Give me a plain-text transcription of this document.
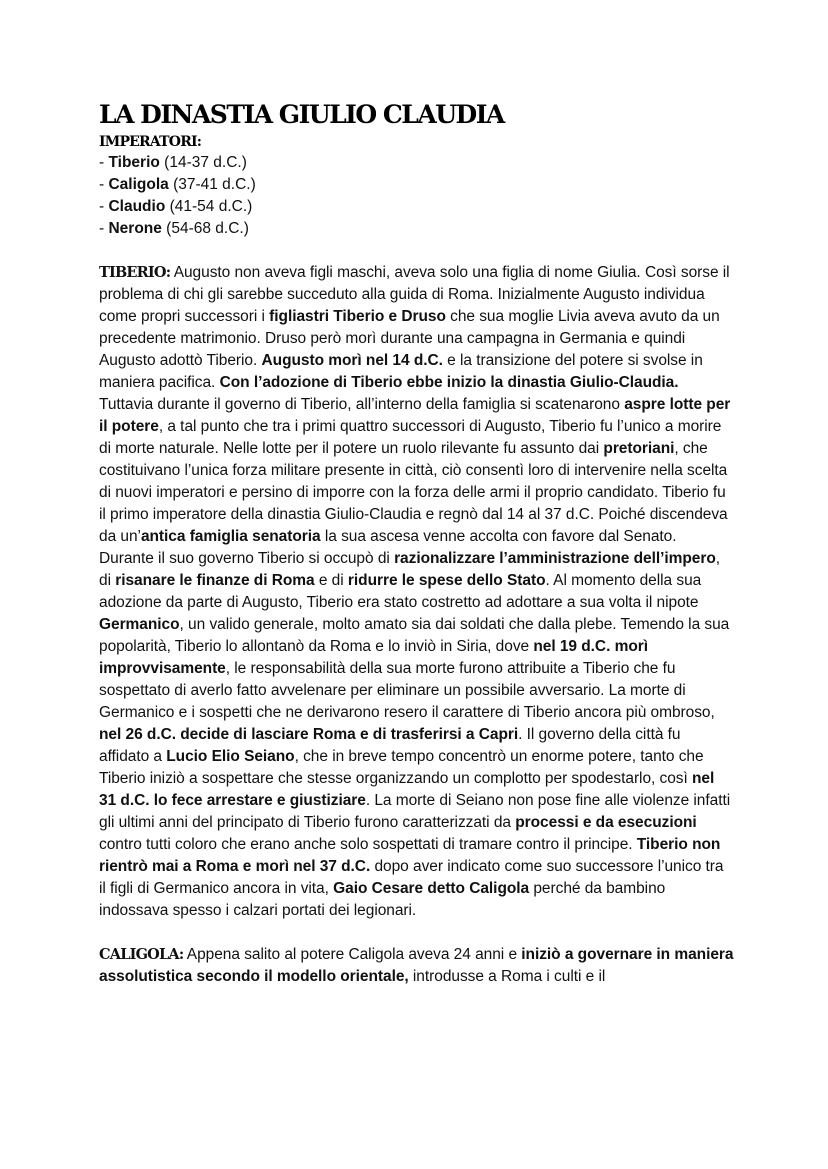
LA DINASTIA GIULIO CLAUDIA
IMPERATORI:
- Tiberio (14-37 d.C.)
- Caligola (37-41 d.C.)
- Claudio (41-54 d.C.)
- Nerone (54-68 d.C.)

TIBERIO: Augusto non aveva figli maschi, aveva solo una figlia di nome Giulia. Così sorse il problema di chi gli sarebbe succeduto alla guida di Roma. Inizialmente Augusto individua come propri successori i figliastri Tiberio e Druso che sua moglie Livia aveva avuto da un precedente matrimonio. Druso però morì durante una campagna in Germania e quindi Augusto adottò Tiberio. Augusto morì nel 14 d.C. e la transizione del potere si svolse in maniera pacifica. Con l’adozione di Tiberio ebbe inizio la dinastia Giulio-Claudia. Tuttavia durante il governo di Tiberio, all’interno della famiglia si scatenarono aspre lotte per il potere, a tal punto che tra i primi quattro successori di Augusto, Tiberio fu l’unico a morire di morte naturale. Nelle lotte per il potere un ruolo rilevante fu assunto dai pretoriani, che costituivano l’unica forza militare presente in città, ciò consentì loro di intervenire nella scelta di nuovi imperatori e persino di imporre con la forza delle armi il proprio candidato. Tiberio fu il primo imperatore della dinastia Giulio-Claudia e regnò dal 14 al 37 d.C. Poiché discendeva da un’antica famiglia senatoria la sua ascesa venne accolta con favore dal Senato. Durante il suo governo Tiberio si occupò di razionalizzare l’amministrazione dell’impero, di risanare le finanze di Roma e di ridurre le spese dello Stato. Al momento della sua adozione da parte di Augusto, Tiberio era stato costretto ad adottare a sua volta il nipote Germanico, un valido generale, molto amato sia dai soldati che dalla plebe. Temendo la sua popolarità, Tiberio lo allontanò da Roma e lo inviò in Siria, dove nel 19 d.C. morì improvvisamente, le responsabilità della sua morte furono attribuite a Tiberio che fu sospettato di averlo fatto avvelenare per eliminare un possibile avversario. La morte di Germanico e i sospetti che ne derivarono resero il carattere di Tiberio ancora più ombroso, nel 26 d.C. decide di lasciare Roma e di trasferirsi a Capri. Il governo della città fu affidato a Lucio Elio Seiano, che in breve tempo concentrò un enorme potere, tanto che Tiberio iniziò a sospettare che stesse organizzando un complotto per spodestarlo, così nel 31 d.C. lo fece arrestare e giustiziare. La morte di Seiano non pose fine alle violenze infatti gli ultimi anni del principato di Tiberio furono caratterizzati da processi e da esecuzioni contro tutti coloro che erano anche solo sospettati di tramare contro il principe. Tiberio non rientrò mai a Roma e morì nel 37 d.C. dopo aver indicato come suo successore l’unico tra il figli di Germanico ancora in vita, Gaio Cesare detto Caligola perché da bambino indossava spesso i calzari portati dei legionari.

CALIGOLA: Appena salito al potere Caligola aveva 24 anni e iniziò a governare in maniera assolutistica secondo il modello orientale, introdusse a Roma i culti e il
